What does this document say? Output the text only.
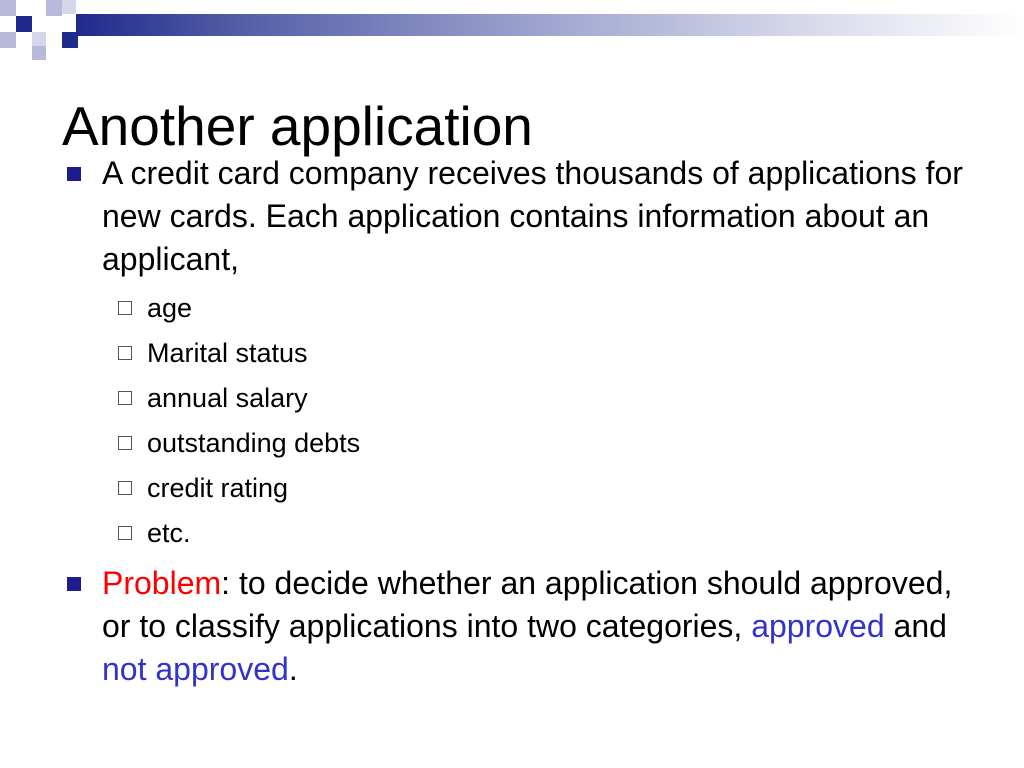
Another application
A credit card company receives thousands of applications for new cards. Each application contains information about an applicant,
age
Marital status
annual salary
outstanding debts
credit rating
etc.
Problem: to decide whether an application should approved, or to classify applications into two categories, approved and not approved.
